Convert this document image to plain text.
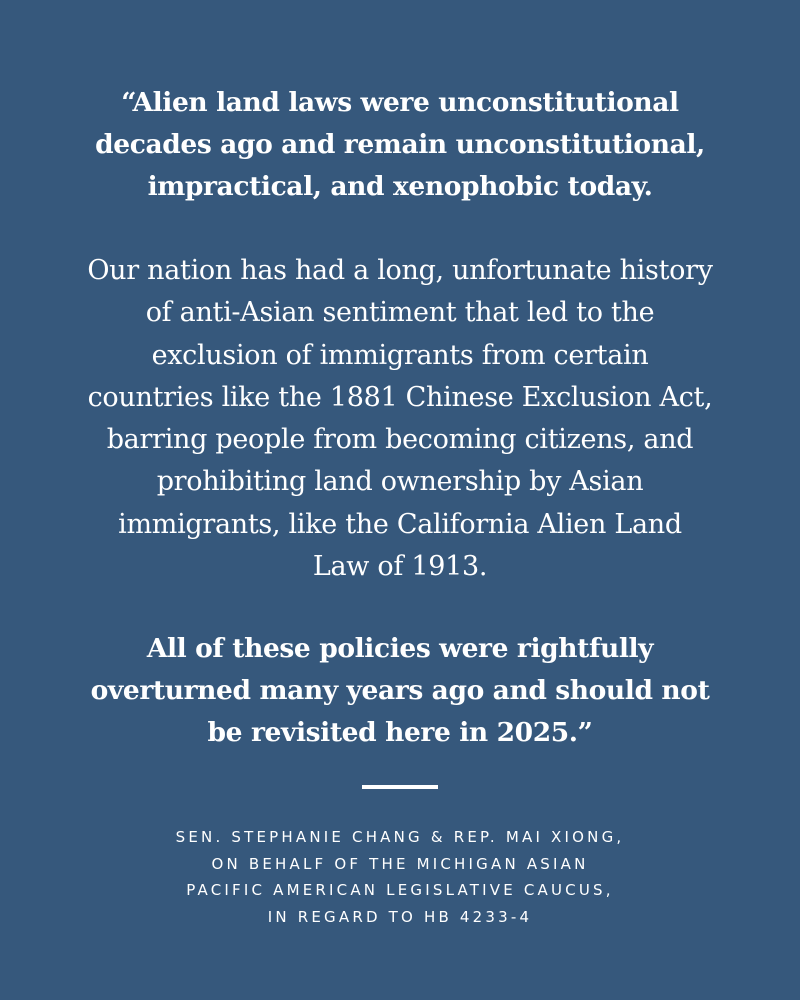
“Alien land laws were unconstitutional
decades ago and remain unconstitutional,
impractical, and xenophobic today.
Our nation has had a long, unfortunate history
of anti-Asian sentiment that led to the
exclusion of immigrants from certain
countries like the 1881 Chinese Exclusion Act,
barring people from becoming citizens, and
prohibiting land ownership by Asian
immigrants, like the California Alien Land
Law of 1913.
All of these policies were rightfully
overturned many years ago and should not
be revisited here in 2025.”
SEN. STEPHANIE CHANG & REP. MAI XIONG,
ON BEHALF OF THE MICHIGAN ASIAN
PACIFIC AMERICAN LEGISLATIVE CAUCUS,
IN REGARD TO HB 4233-4
